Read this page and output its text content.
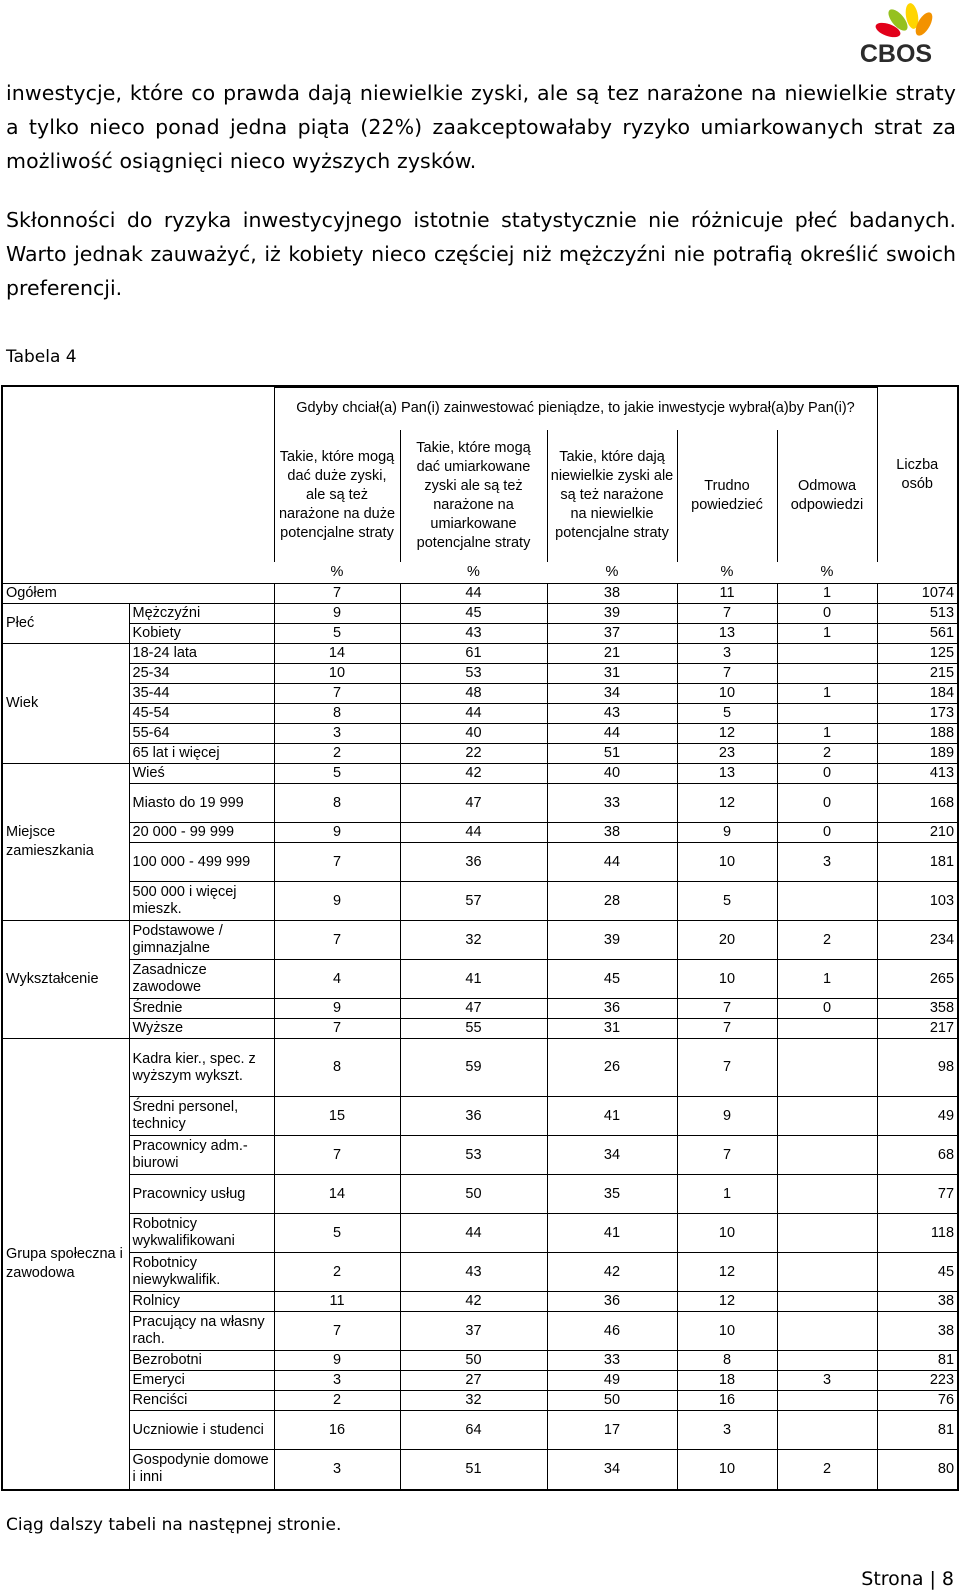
CBOS

inwestycje, które co prawda dają niewielkie zyski, ale są tez narażone na niewielkie straty a tylko nieco ponad jedna piąta (22%) zaakceptowałaby ryzyko umiarkowanych strat za możliwość osiągnięci nieco wyższych zysków.

Skłonności do ryzyka inwestycyjnego istotnie statystycznie nie różnicuje płeć badanych. Warto jednak zauważyć, iż kobiety nieco częściej niż mężczyźni nie potrafią określić swoich preferencji.

Tabela 4
		Gdyby chciał(a) Pan(i) zainwestować pieniądze, to jakie inwestycje wybrał(a)by Pan(i)?					Liczba osób
		Takie, które mogą dać duże zyski, ale są też narażone na duże potencjalne straty	Takie, które mogą dać umiarkowane zyski ale są też narażone na umiarkowane potencjalne straty	Takie, które dają niewielkie zyski ale są też narażone na niewielkie potencjalne straty	Trudno powiedzieć	Odmowa odpowiedzi	
		%	%	%	%	%	
Ogółem		7	44	38	11	1	1074
Płeć	Mężczyźni	9	45	39	7	0	513
	Kobiety	5	43	37	13	1	561
Wiek	18-24 lata	14	61	21	3		125
	25-34	10	53	31	7		215
	35-44	7	48	34	10	1	184
	45-54	8	44	43	5		173
	55-64	3	40	44	12	1	188
	65 lat i więcej	2	22	51	23	2	189
Miejsce zamieszkania	Wieś	5	42	40	13	0	413
	Miasto do 19 999	8	47	33	12	0	168
	20 000 - 99 999	9	44	38	9	0	210
	100 000 - 499 999	7	36	44	10	3	181
	500 000 i więcej mieszk.	9	57	28	5		103
Wykształcenie	Podstawowe / gimnazjalne	7	32	39	20	2	234
	Zasadnicze zawodowe	4	41	45	10	1	265
	Średnie	9	47	36	7	0	358
	Wyższe	7	55	31	7		217
Grupa społeczna i zawodowa	Kadra kier., spec. z wyższym wykszt.	8	59	26	7		98
	Średni personel, technicy	15	36	41	9		49
	Pracownicy adm.-biurowi	7	53	34	7		68
	Pracownicy usług	14	50	35	1		77
	Robotnicy wykwalifikowani	5	44	41	10		118
	Robotnicy niewykwalifik.	2	43	42	12		45
	Rolnicy	11	42	36	12		38
	Pracujący na własny rach.	7	37	46	10		38
	Bezrobotni	9	50	33	8		81
	Emeryci	3	27	49	18	3	223
	Renciści	2	32	50	16		76
	Uczniowie i studenci	16	64	17	3		81
	Gospodynie domowe i inni	3	51	34	10	2	80
Ciąg dalszy tabeli na następnej stronie.
Strona | 8
